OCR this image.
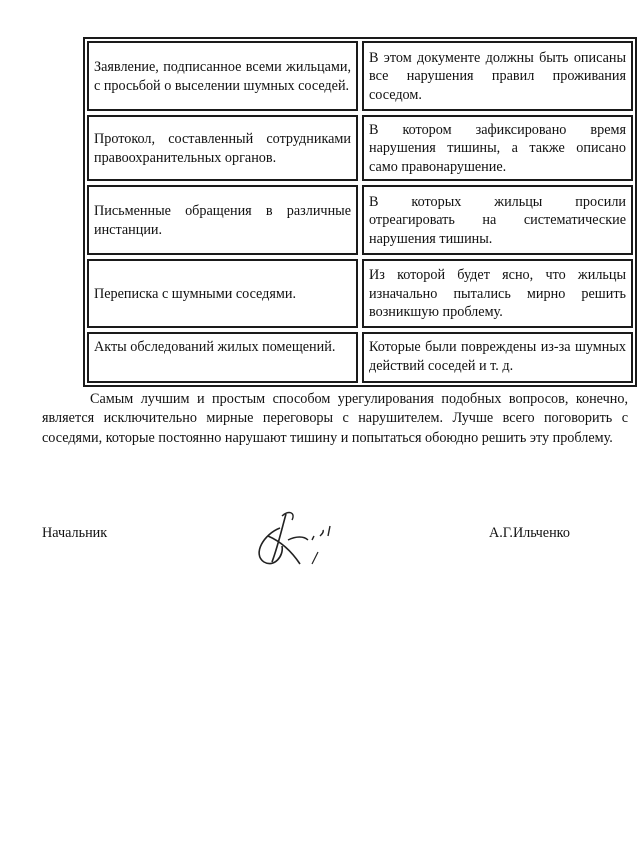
Заявление, подписанное всеми жильцами, с просьбой о выселении шумных соседей.
В этом документе должны быть описаны все нарушения правил проживания соседом.
Протокол, составленный сотрудниками правоохранительных органов.
В котором зафиксировано время нарушения тишины, а также описано само правонарушение.
Письменные обращения в различные инстанции.
В которых жильцы просили отреагировать на систематические нарушения тишины.
Переписка с шумными соседями.
Из которой будет ясно, что жильцы изначально пытались мирно решить возникшую проблему.
Акты обследований жилых помещений.	Которые были повреждены из-за шумных действий соседей и т. д.

Самым лучшим и простым способом урегулирования подобных вопросов, конечно, является исключительно мирные переговоры с нарушителем. Лучше всего поговорить с соседями, которые постоянно нарушают тишину и попытаться обоюдно решить эту проблему.

Начальник	А.Г.Ильченко
